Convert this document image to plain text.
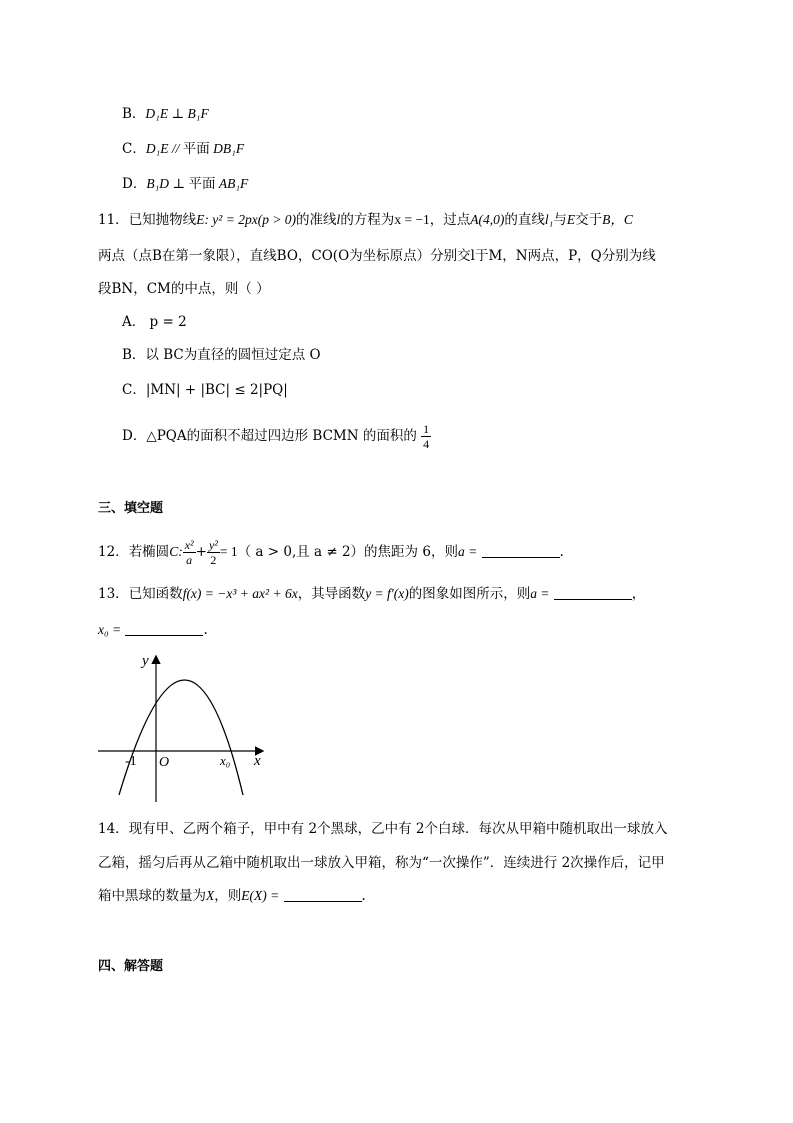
B．D₁E ⊥ B₁F
C．D₁E // 平面 DB₁F
D．B₁D ⊥ 平面 AB₁F
11．已知抛物线E: y² = 2px(p > 0)的准线l的方程为x = −1，过点A(4,0)的直线l₁与E交于B，C
两点（点B在第一象限），直线BO，CO(O为坐标原点）分别交l于M，N两点，P，Q分别为线
段BN，CM的中点，则（ ）
A． p = 2
B．以 BC为直径的圆恒过定点 O
C．|MN| + |BC| ≤ 2|PQ|
D．△PQA的面积不超过四边形 BCMN 的面积的 $\frac{1}{4}$
三、填空题
12．若椭圆C: $\frac{\text{x²}}{a} + \frac{\text{y²}}{2} = 1$（ a > 0,且 a ≠ 2）的焦距为 6，则a =	.
13．已知函数f(x) = −x³ + ax² + 6x，其导函数y = f′(x)的图象如图所示，则a =	，
x₀ =	.
y
x
O
-1	x₀
14．现有甲、乙两个箱子，甲中有 2个黑球，乙中有 2个白球．每次从甲箱中随机取出一球放入
乙箱，摇匀后再从乙箱中随机取出一球放入甲箱，称为“一次操作”．连续进行 2次操作后，记甲
箱中黑球的数量为X，则E(X) =	.
四、解答题
